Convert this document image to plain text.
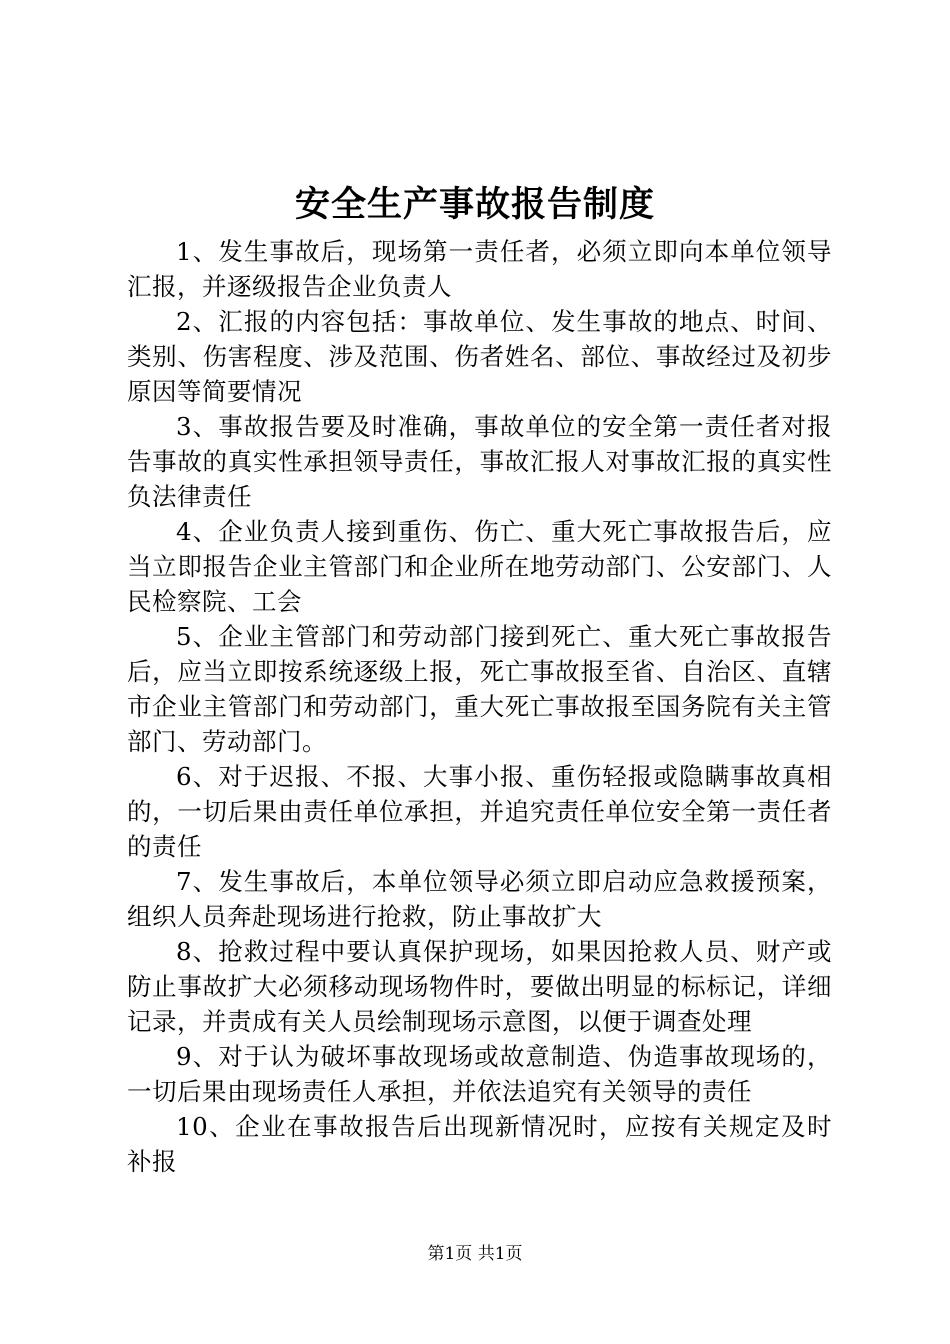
安全生产事故报告制度

1、发生事故后，现场第一责任者，必须立即向本单位领导汇报，并逐级报告企业负责人

2、汇报的内容包括：事故单位、发生事故的地点、时间、类别、伤害程度、涉及范围、伤者姓名、部位、事故经过及初步原因等简要情况

3、事故报告要及时准确，事故单位的安全第一责任者对报告事故的真实性承担领导责任，事故汇报人对事故汇报的真实性负法律责任

4、企业负责人接到重伤、伤亡、重大死亡事故报告后，应当立即报告企业主管部门和企业所在地劳动部门、公安部门、人民检察院、工会

5、企业主管部门和劳动部门接到死亡、重大死亡事故报告后，应当立即按系统逐级上报，死亡事故报至省、自治区、直辖市企业主管部门和劳动部门，重大死亡事故报至国务院有关主管部门、劳动部门。

6、对于迟报、不报、大事小报、重伤轻报或隐瞒事故真相的，一切后果由责任单位承担，并追究责任单位安全第一责任者的责任

7、发生事故后，本单位领导必须立即启动应急救援预案，组织人员奔赴现场进行抢救，防止事故扩大

8、抢救过程中要认真保护现场，如果因抢救人员、财产或防止事故扩大必须移动现场物件时，要做出明显的标标记，详细记录，并责成有关人员绘制现场示意图，以便于调查处理

9、对于认为破坏事故现场或故意制造、伪造事故现场的，一切后果由现场责任人承担，并依法追究有关领导的责任

10、企业在事故报告后出现新情况时，应按有关规定及时补报

第1页 共1页
